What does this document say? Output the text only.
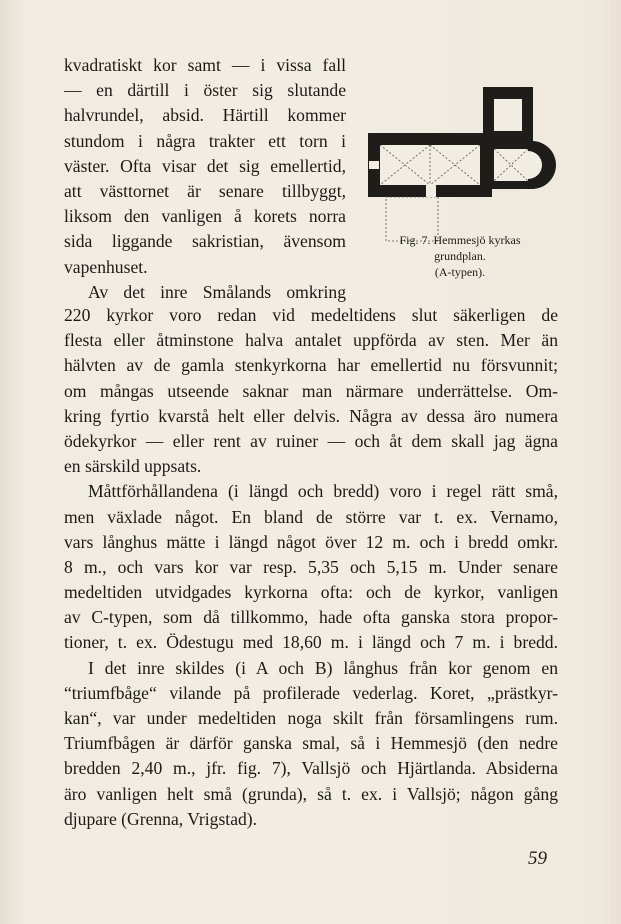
kvadratiskt kor samt — i vissa fall
— en därtill i öster sig slutande
halvrundel, absid. Härtill kommer
stundom i några trakter ett torn i
väster. Ofta visar det sig emellertid,
att västtornet är senare tillbyggt,
liksom den vanligen å korets norra
sida liggande sakristian, ävensom
vapenhuset.
Av det inre Smålands omkring
Fig. 7. Hemmesjö kyrkas
grundplan.
(A-typen).
220 kyrkor voro redan vid medeltidens slut säkerligen de
flesta eller åtminstone halva antalet uppförda av sten. Mer än
hälvten av de gamla stenkyrkorna har emellertid nu försvunnit;
om mångas utseende saknar man närmare underrättelse. Om-
kring fyrtio kvarstå helt eller delvis. Några av dessa äro numera
ödekyrkor — eller rent av ruiner — och åt dem skall jag ägna
en särskild uppsats.
Måttförhållandena (i längd och bredd) voro i regel rätt små,
men växlade något. En bland de större var t. ex. Vernamo,
vars långhus mätte i längd något över 12 m. och i bredd omkr.
8 m., och vars kor var resp. 5,35 och 5,15 m. Under senare
medeltiden utvidgades kyrkorna ofta: och de kyrkor, vanligen
av C-typen, som då tillkommo, hade ofta ganska stora propor-
tioner, t. ex. Ödestugu med 18,60 m. i längd och 7 m. i bredd.
I det inre skildes (i A och B) långhus från kor genom en
“triumfbåge“ vilande på profilerade vederlag. Koret, „prästkyr-
kan“, var under medeltiden noga skilt från församlingens rum.
Triumfbågen är därför ganska smal, så i Hemmesjö (den nedre
bredden 2,40 m., jfr. fig. 7), Vallsjö och Hjärtlanda. Absiderna
äro vanligen helt små (grunda), så t. ex. i Vallsjö; någon gång
djupare (Grenna, Vrigstad).
59
